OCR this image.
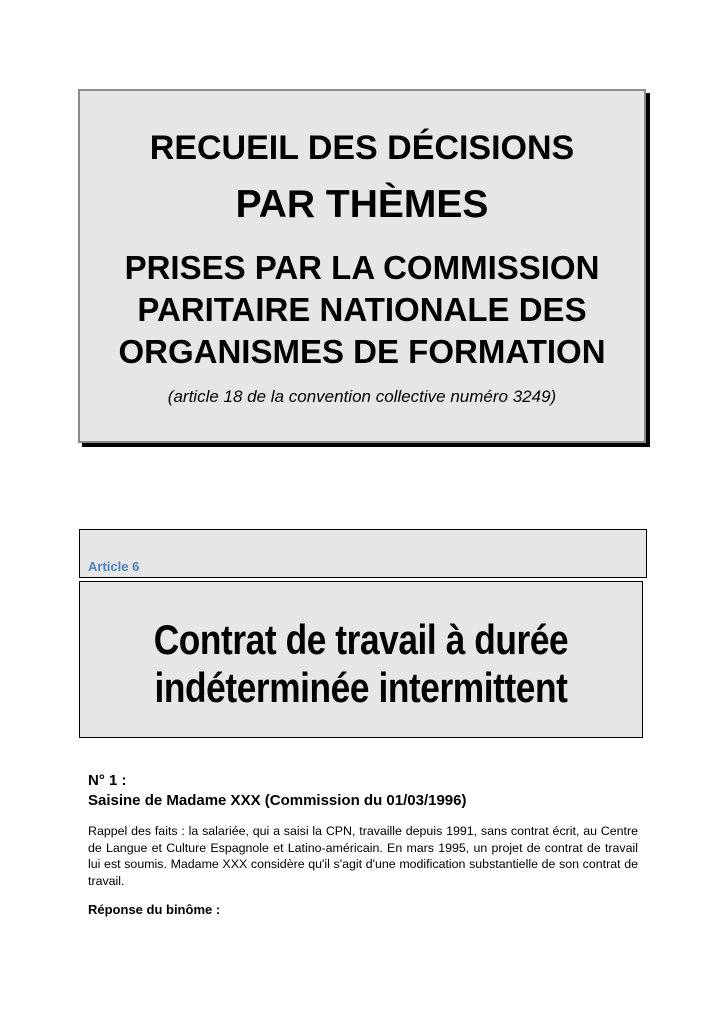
RECUEIL DES DÉCISIONS
PAR THÈMES
PRISES PAR LA COMMISSION
PARITAIRE NATIONALE DES
ORGANISMES DE FORMATION
(article 18 de la convention collective numéro 3249)
Article 6
Contrat de travail à durée
indéterminée intermittent
N° 1 :
Saisine de Madame XXX (Commission du 01/03/1996)
Rappel des faits : la salariée, qui a saisi la CPN, travaille depuis 1991, sans contrat écrit, au Centre de Langue et Culture Espagnole et Latino-américain. En mars 1995, un projet de contrat de travail lui est soumis. Madame XXX considère qu'il s'agit d'une modification substantielle de son contrat de travail.
Réponse du binôme :
